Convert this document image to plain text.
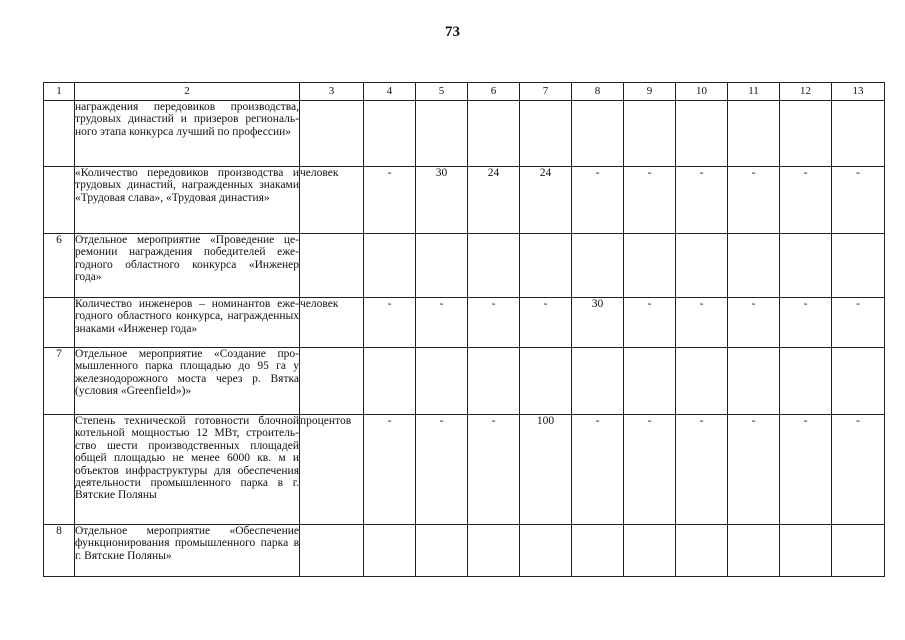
73
1	2	3	4	5	6	7	8	9	10	11	12	13
	награждения передовиков производства, трудовых династий и призеров регионального этапа конкурса лучший по профессии»											
	«Количество передовиков производства и трудовых династий, награжденных знаками «Трудовая слава», «Трудовая династия»	человек	-	30	24	24	-	-	-	-	-	-
6	Отдельное мероприятие «Проведение церемонии награждения победителей ежегодного областного конкурса «Инженер года»											
	Количество инженеров – номинантов ежегодного областного конкурса, награжденных знаками «Инженер года»	человек	-	-	-	-	30	-	-	-	-	-
7	Отдельное мероприятие «Создание промышленного парка площадью до 95 га у железнодорожного моста через р. Вятка (условия «Greenfield»)»											
	Степень технической готовности блочной котельной мощностью 12 МВт, строительство шести производственных площадей общей площадью не менее 6000 кв. м и объектов инфраструктуры для обеспечения деятельности промышленного парка в г. Вятские Поляны	процентов	-	-	-	100	-	-	-	-	-	-
8	Отдельное мероприятие «Обеспечение функционирования промышленного парка в г. Вятские Поляны»											
